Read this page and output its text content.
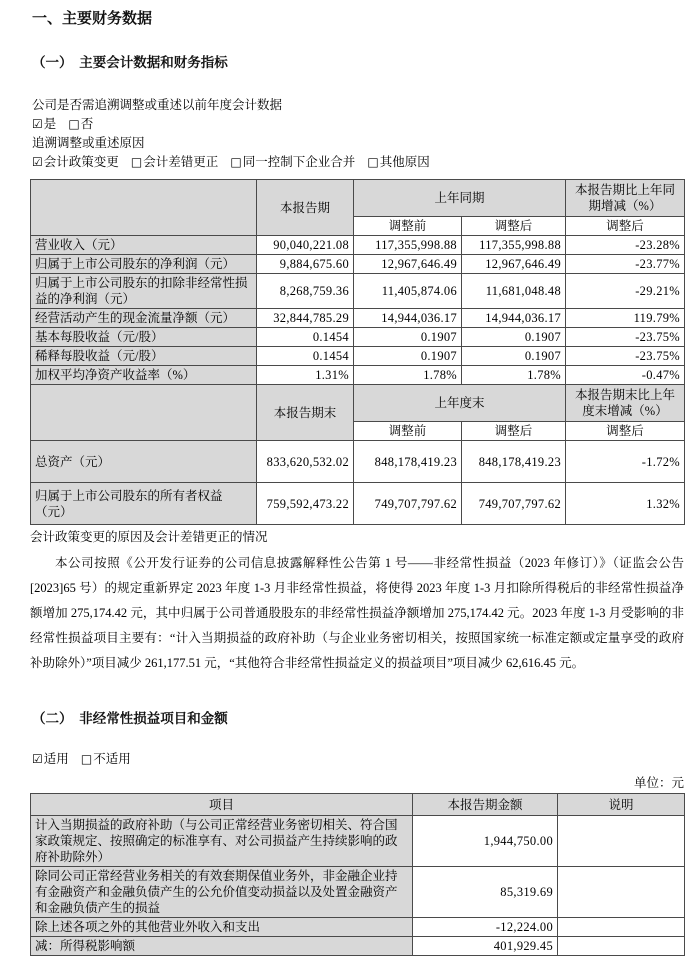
一、主要财务数据
（一）　主要会计数据和财务指标
公司是否需追溯调整或重述以前年度会计数据
☑是 □否
追溯调整或重述原因
☑会计政策变更 □会计差错更正 □同一控制下企业合并 □其他原因
	本报告期	上年同期		本报告期比上年同期增减（%）
		调整前	调整后	调整后
营业收入（元）	90,040,221.08	117,355,998.88	117,355,998.88	-23.28%
归属于上市公司股东的净利润（元）	9,884,675.60	12,967,646.49	12,967,646.49	-23.77%
归属于上市公司股东的扣除非经常性损益的净利润（元）	8,268,759.36	11,405,874.06	11,681,048.48	-29.21%
经营活动产生的现金流量净额（元）	32,844,785.29	14,944,036.17	14,944,036.17	119.79%
基本每股收益（元/股）	0.1454	0.1907	0.1907	-23.75%
稀释每股收益（元/股）	0.1454	0.1907	0.1907	-23.75%
加权平均净资产收益率（%）	1.31%	1.78%	1.78%	-0.47%
	本报告期末	上年度末		本报告期末比上年度末增减（%）
		调整前	调整后	调整后
总资产（元）	833,620,532.02	848,178,419.23	848,178,419.23	-1.72%
归属于上市公司股东的所有者权益（元）	759,592,473.22	749,707,797.62	749,707,797.62	1.32%
会计政策变更的原因及会计差错更正的情况
本公司按照《公开发行证券的公司信息披露解释性公告第 1 号——非经常性损益（2023 年修订）》（证监会公告[2023]65 号）的规定重新界定 2023 年度 1-3 月非经常性损益，将使得 2023 年度 1-3 月扣除所得税后的非经常性损益净额增加 275,174.42 元，其中归属于公司普通股股东的非经常性损益净额增加 275,174.42 元。2023 年度 1-3 月受影响的非经常性损益项目主要有：“计入当期损益的政府补助（与企业业务密切相关，按照国家统一标准定额或定量享受的政府补助除外）”项目减少 261,177.51 元，“其他符合非经常性损益定义的损益项目”项目减少 62,616.45 元。
（二）　非经常性损益项目和金额
☑适用 □不适用
单位：元
项目	本报告期金额	说明
计入当期损益的政府补助（与公司正常经营业务密切相关、符合国家政策规定、按照确定的标准享有、对公司损益产生持续影响的政府补助除外）	1,944,750.00	
除同公司正常经营业务相关的有效套期保值业务外，非金融企业持有金融资产和金融负债产生的公允价值变动损益以及处置金融资产和金融负债产生的损益	85,319.69	
除上述各项之外的其他营业外收入和支出	-12,224.00	
减：所得税影响额	401,929.45	
